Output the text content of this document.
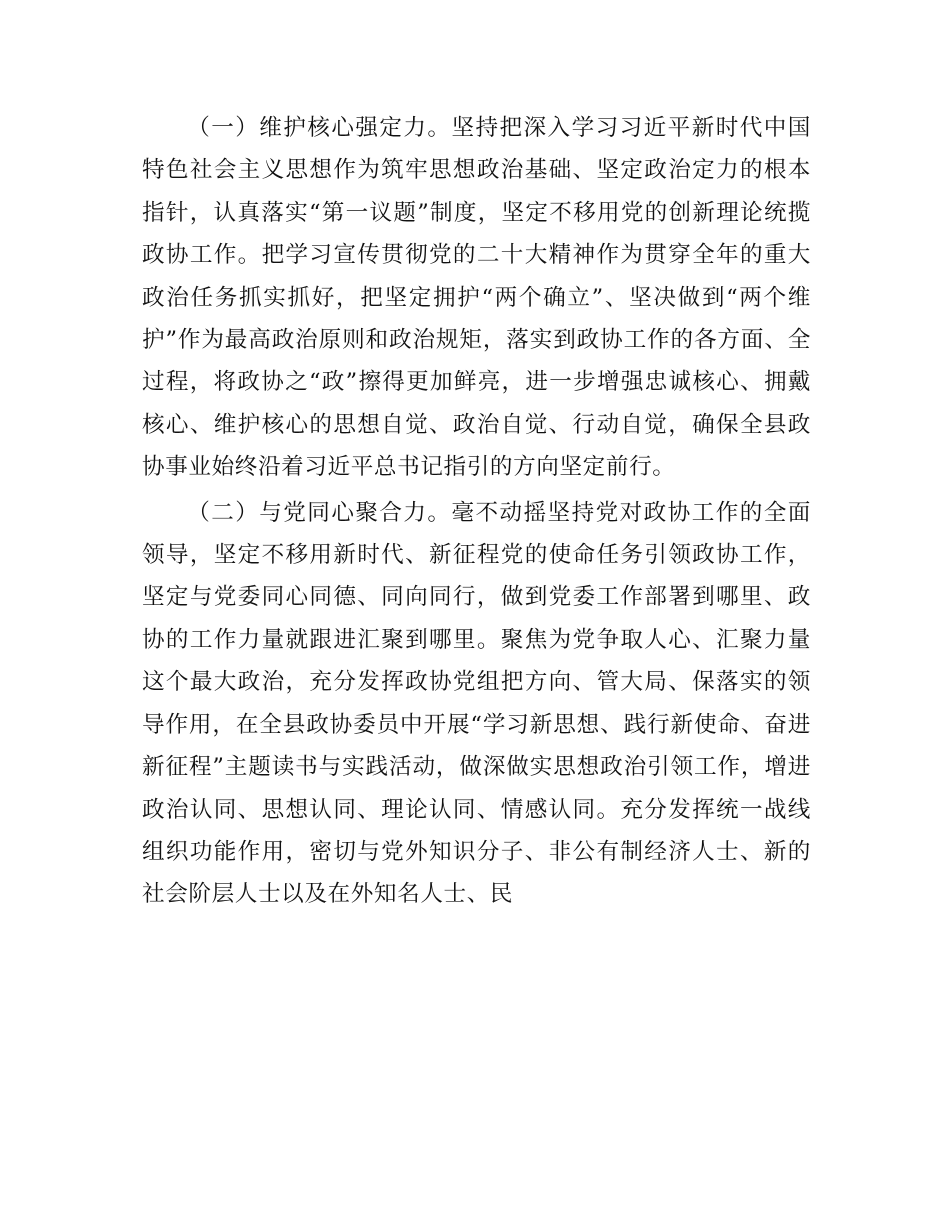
（一）维护核心强定力。坚持把深入学习习近平新时代中国特色社会主义思想作为筑牢思想政治基础、坚定政治定力的根本指针，认真落实“第一议题”制度，坚定不移用党的创新理论统揽政协工作。把学习宣传贯彻党的二十大精神作为贯穿全年的重大政治任务抓实抓好，把坚定拥护“两个确立”、坚决做到“两个维护”作为最高政治原则和政治规矩，落实到政协工作的各方面、全过程，将政协之“政”擦得更加鲜亮，进一步增强忠诚核心、拥戴核心、维护核心的思想自觉、政治自觉、行动自觉，确保全县政协事业始终沿着习近平总书记指引的方向坚定前行。

（二）与党同心聚合力。毫不动摇坚持党对政协工作的全面领导，坚定不移用新时代、新征程党的使命任务引领政协工作，坚定与党委同心同德、同向同行，做到党委工作部署到哪里、政协的工作力量就跟进汇聚到哪里。聚焦为党争取人心、汇聚力量这个最大政治，充分发挥政协党组把方向、管大局、保落实的领导作用，在全县政协委员中开展“学习新思想、践行新使命、奋进新征程”主题读书与实践活动，做深做实思想政治引领工作，增进政治认同、思想认同、理论认同、情感认同。充分发挥统一战线组织功能作用，密切与党外知识分子、非公有制经济人士、新的社会阶层人士以及在外知名人士、民
